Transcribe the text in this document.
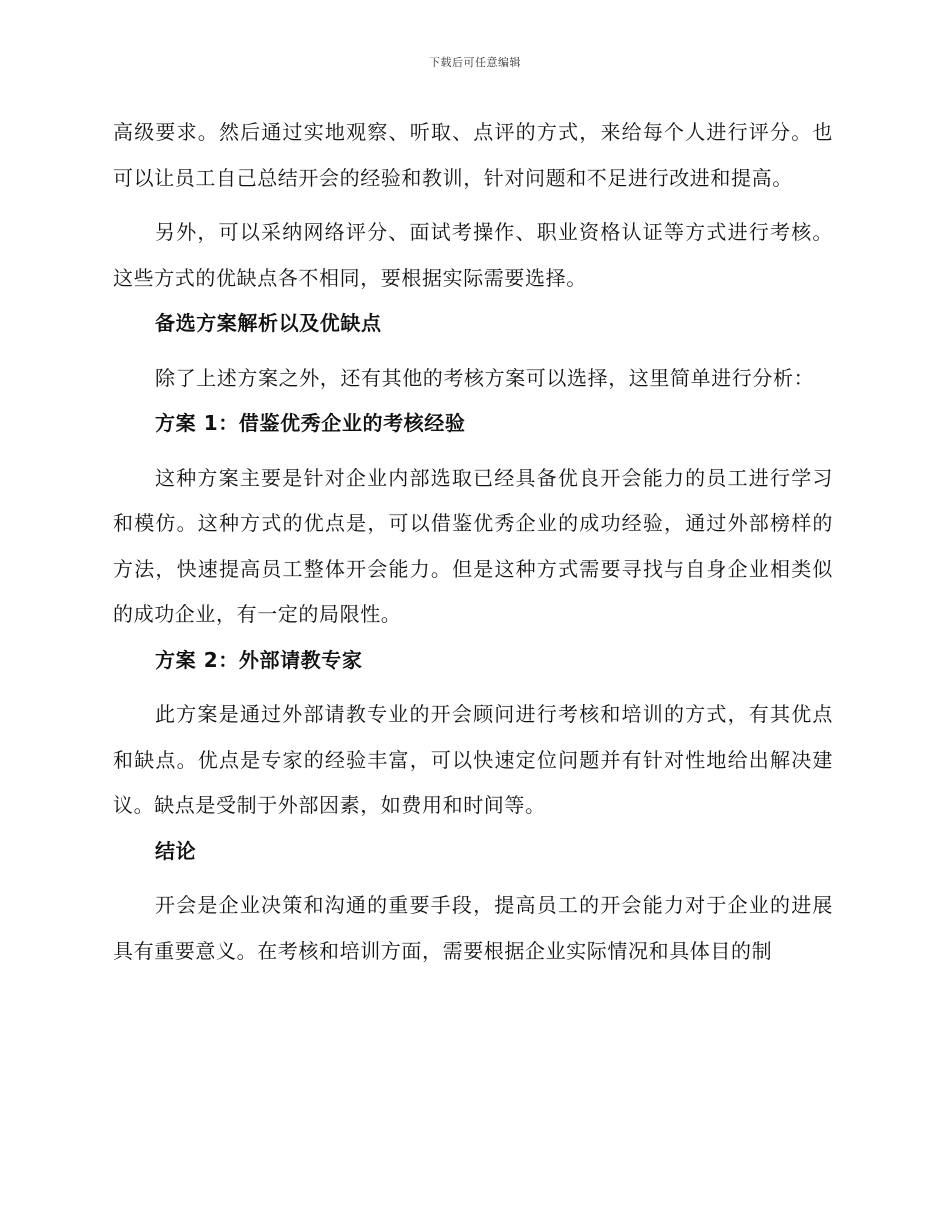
下载后可任意编辑

高级要求。然后通过实地观察、听取、点评的方式，来给每个人进行评分。也可以让员工自己总结开会的经验和教训，针对问题和不足进行改进和提高。

另外，可以采纳网络评分、面试考操作、职业资格认证等方式进行考核。这些方式的优缺点各不相同，要根据实际需要选择。

备选方案解析以及优缺点

除了上述方案之外，还有其他的考核方案可以选择，这里简单进行分析：

方案 1：借鉴优秀企业的考核经验

这种方案主要是针对企业内部选取已经具备优良开会能力的员工进行学习和模仿。这种方式的优点是，可以借鉴优秀企业的成功经验，通过外部榜样的方法，快速提高员工整体开会能力。但是这种方式需要寻找与自身企业相类似的成功企业，有一定的局限性。

方案 2：外部请教专家

此方案是通过外部请教专业的开会顾问进行考核和培训的方式，有其优点和缺点。优点是专家的经验丰富，可以快速定位问题并有针对性地给出解决建议。缺点是受制于外部因素，如费用和时间等。

结论

开会是企业决策和沟通的重要手段，提高员工的开会能力对于企业的进展具有重要意义。在考核和培训方面，需要根据企业实际情况和具体目的制
